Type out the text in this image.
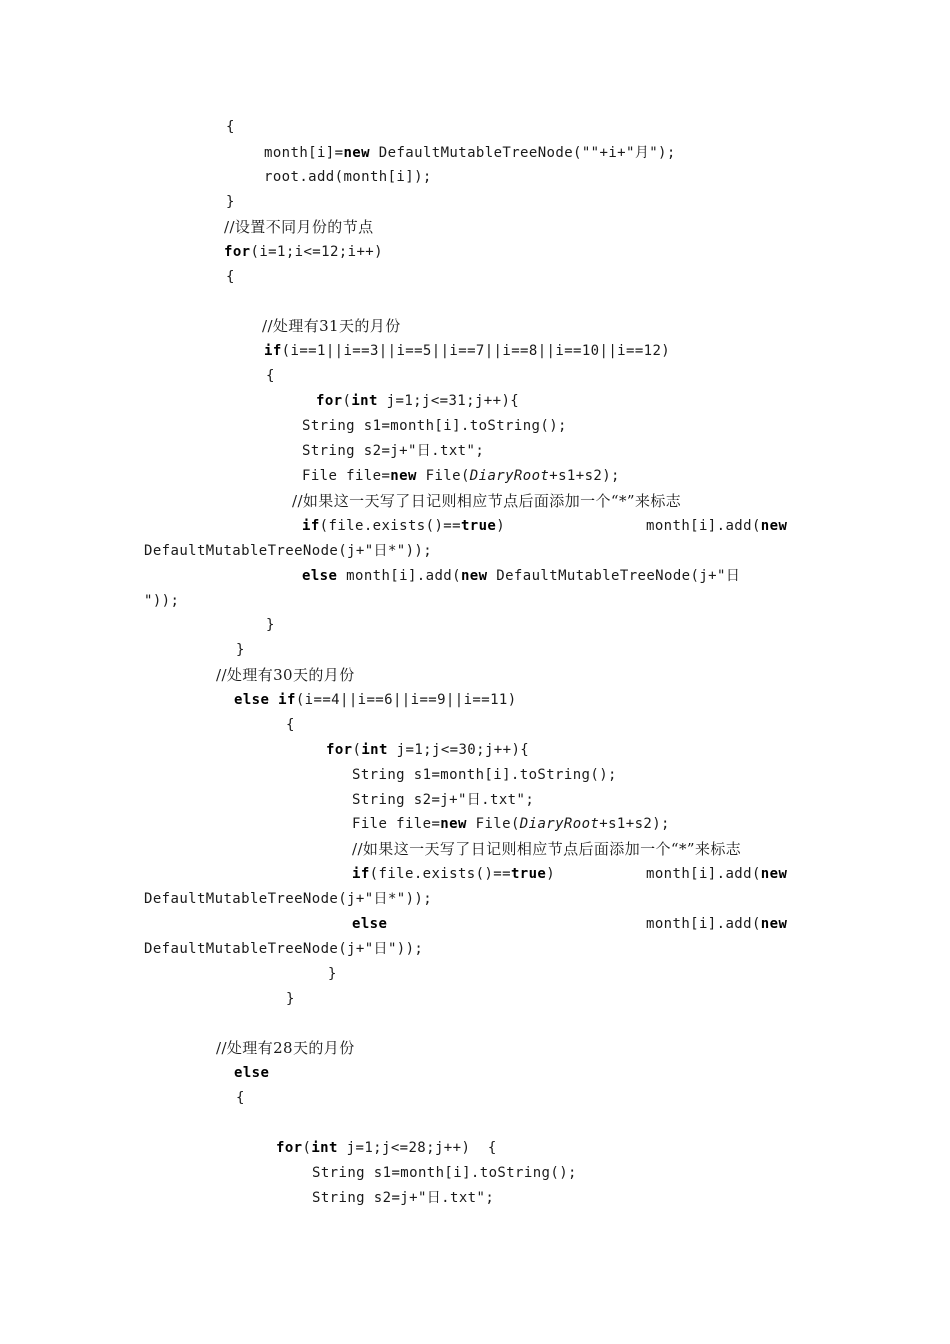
{
month[i]=new DefaultMutableTreeNode(""+i+"月");
root.add(month[i]);
}
//设置不同月份的节点
for(i=1;i<=12;i++)
{
//处理有31天的月份
if(i==1||i==3||i==5||i==7||i==8||i==10||i==12)
{
for(int j=1;j<=31;j++){
String s1=month[i].toString();
String s2=j+"日.txt";
File file=new File(DiaryRoot+s1+s2);
//如果这一天写了日记则相应节点后面添加一个“*”来标志
if(file.exists()==true)	month[i].add(new
DefaultMutableTreeNode(j+"日*"));
else month[i].add(new DefaultMutableTreeNode(j+"日
"));
}
}
//处理有30天的月份
else if(i==4||i==6||i==9||i==11)
{
for(int j=1;j<=30;j++){
String s1=month[i].toString();
String s2=j+"日.txt";
File file=new File(DiaryRoot+s1+s2);
//如果这一天写了日记则相应节点后面添加一个“*”来标志
if(file.exists()==true)	month[i].add(new
DefaultMutableTreeNode(j+"日*"));
else	month[i].add(new
DefaultMutableTreeNode(j+"日"));
}
}
//处理有28天的月份
else
{
for(int j=1;j<=28;j++)  {
String s1=month[i].toString();
String s2=j+"日.txt";
